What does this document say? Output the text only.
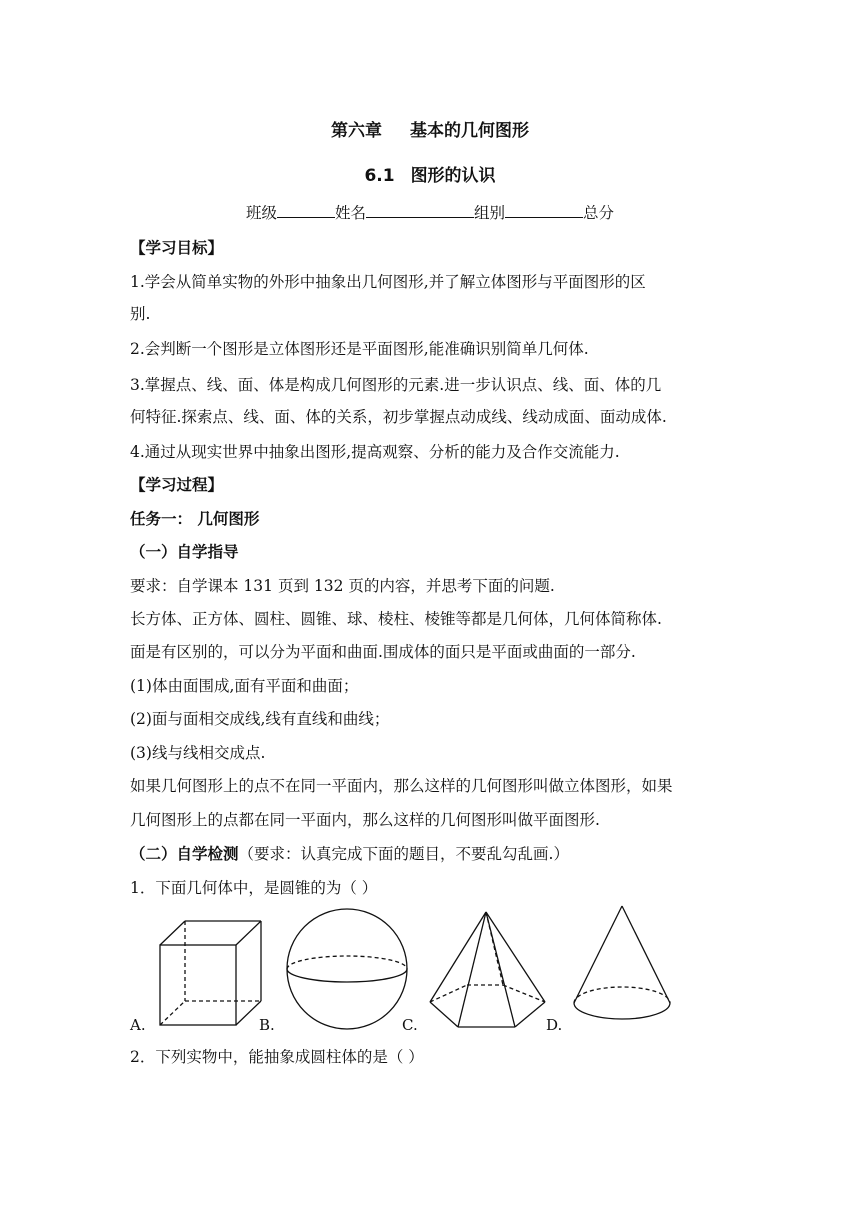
第六章 基本的几何图形
6.1 图形的认识
班级	姓名	组别	总分
【学习目标】
1.学会从简单实物的外形中抽象出几何图形,并了解立体图形与平面图形的区
别.
2.会判断一个图形是立体图形还是平面图形,能准确识别简单几何体.
3.掌握点、线、面、体是构成几何图形的元素.进一步认识点、线、面、体的几
何特征.探索点、线、面、体的关系，初步掌握点动成线、线动成面、面动成体.
4.通过从现实世界中抽象出图形,提高观察、分析的能力及合作交流能力.
【学习过程】
任务一： 几何图形
（一）自学指导
要求：自学课本 131 页到 132 页的内容，并思考下面的问题.
长方体、正方体、圆柱、圆锥、球、棱柱、棱锥等都是几何体，几何体简称体.
面是有区别的，可以分为平面和曲面.围成体的面只是平面或曲面的一部分.
(1)体由面围成,面有平面和曲面；
(2)面与面相交成线,线有直线和曲线；
(3)线与线相交成点.
如果几何图形上的点不在同一平面内，那么这样的几何图形叫做立体图形，如果
几何图形上的点都在同一平面内，那么这样的几何图形叫做平面图形.
（二）自学检测（要求：认真完成下面的题目，不要乱勾乱画.）
1．下面几何体中，是圆锥的为（ ）
A.	B.	C.	D.
2．下列实物中，能抽象成圆柱体的是（ ）
